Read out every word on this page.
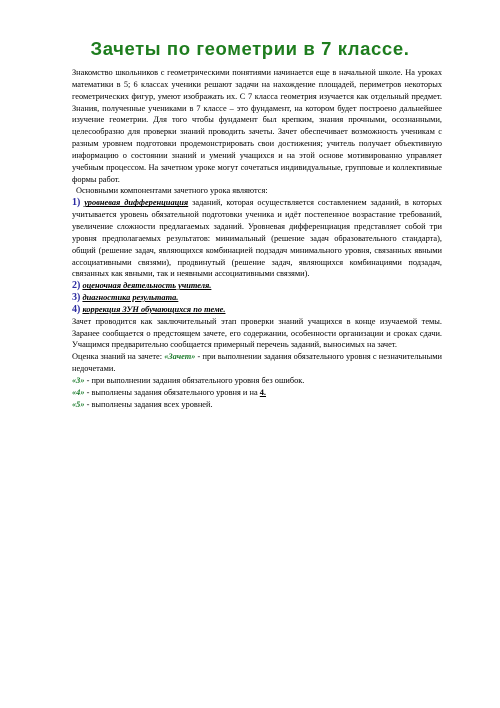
Зачеты по геометрии в 7 классе.

Знакомство школьников с геометрическими понятиями начинается еще в начальной школе. На уроках математики в 5; 6 классах ученики решают задачи на нахождение площадей, периметров некоторых геометрических фигур, умеют изображать их. С 7 класса геометрия изучается как отдельный предмет. Знания, полученные учениками в 7 классе – это фундамент, на котором будет построено дальнейшее изучение геометрии. Для того чтобы фундамент был крепким, знания прочными, осознанными, целесообразно для проверки знаний проводить зачеты. Зачет обеспечивает возможность ученикам с разным уровнем подготовки продемонстрировать свои достижения; учитель получает объективную информацию о состоянии знаний и умений учащихся и на этой основе мотивированно управляет учебным процессом. На зачетном уроке могут сочетаться индивидуальные, групповые и коллективные формы работ.

Основными компонентами зачетного урока являются:

1) уровневая дифференциация заданий, которая осуществляется составлением заданий, в которых учитывается уровень обязательной подготовки ученика и идёт постепенное возрастание требований, увеличение сложности предлагаемых заданий. Уровневая дифференциация представляет собой три уровня предполагаемых результатов: минимальный (решение задач образовательного стандарта), общий (решение задач, являющихся комбинацией подзадач минимального уровня, связанных явными ассоциативными связями), продвинутый (решение задач, являющихся комбинациями подзадач, связанных как явными, так и неявными ассоциативными связями).

2) оценочная деятельность учителя.

3) диагностика результата.

4) коррекция ЗУН обучающихся по теме.

Зачет проводится как заключительный этап проверки знаний учащихся в конце изучаемой темы. Заранее сообщается о предстоящем зачете, его содержании, особенности организации и сроках сдачи. Учащимся предварительно сообщается примерный перечень заданий, выносимых на зачет.

Оценка знаний на зачете: «Зачет» - при выполнении задания обязательного уровня с незначительными недочетами.

«3» - при выполнении задания обязательного уровня без ошибок.

«4» - выполнены задания обязательного уровня и на 4.

«5» - выполнены задания всех уровней.
